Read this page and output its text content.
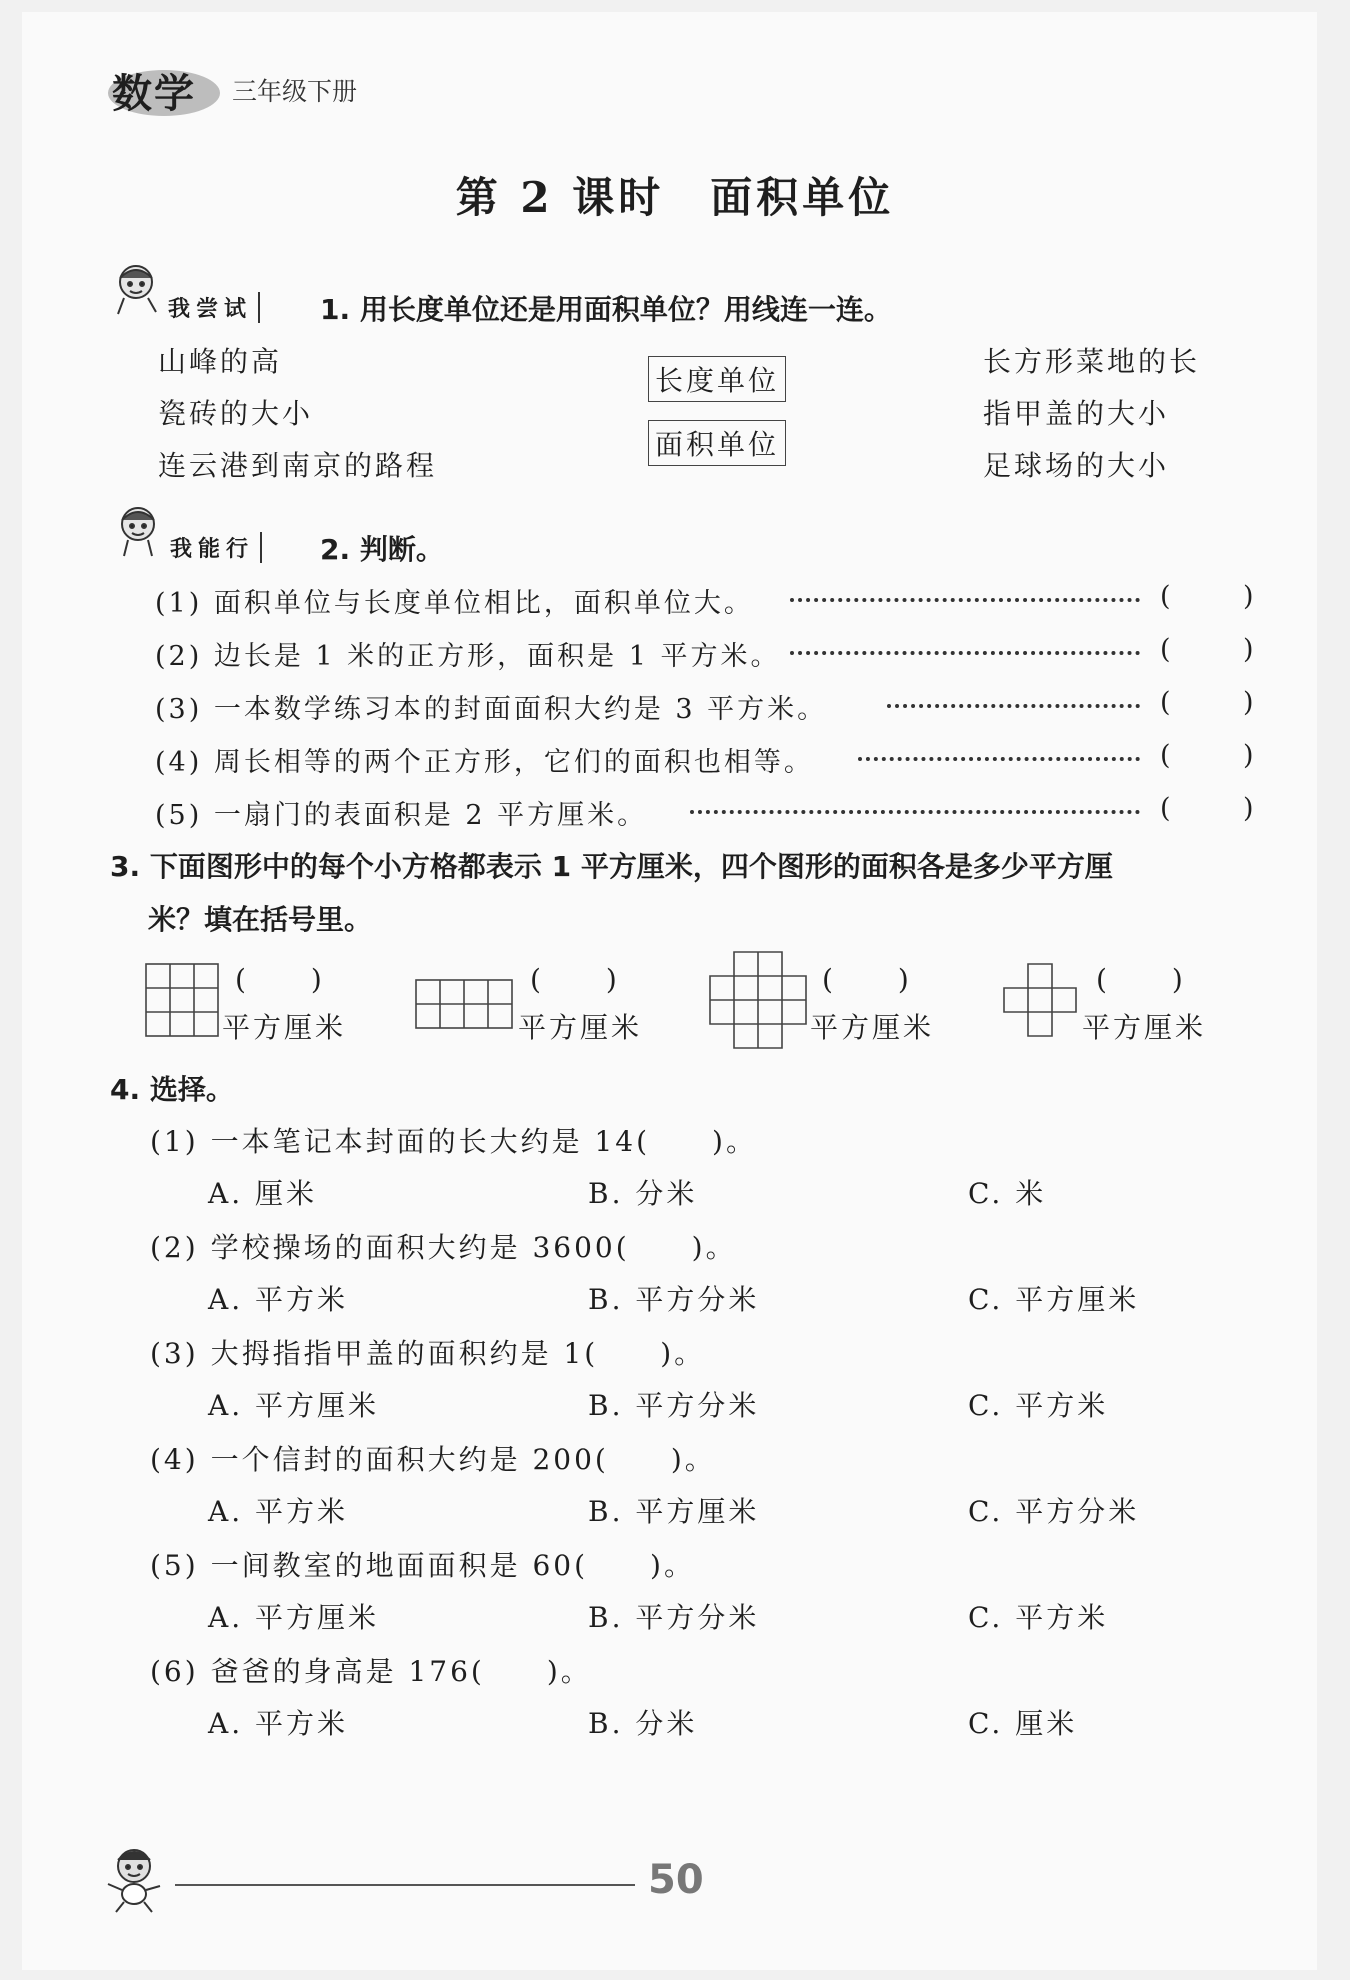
数学 三年级下册
第 2 课时　面积单位
我尝试 1. 用长度单位还是用面积单位？用线连一连。
山峰的高
瓷砖的大小
连云港到南京的路程
长度单位
面积单位
长方形菜地的长
指甲盖的大小
足球场的大小
我能行 2. 判断。
(1) 面积单位与长度单位相比，面积单位大。	(	)
(2) 边长是 1 米的正方形，面积是 1 平方米。	(	)
(3) 一本数学练习本的封面面积大约是 3 平方米。	(	)
(4) 周长相等的两个正方形，它们的面积也相等。	(	)
(5) 一扇门的表面积是 2 平方厘米。	(	)
3. 下面图形中的每个小方格都表示 1 平方厘米，四个图形的面积各是多少平方厘
米？填在括号里。
(　　)
平方厘米
(　　)
平方厘米
(　　)
平方厘米
(　　)
平方厘米
4. 选择。
(1) 一本笔记本封面的长大约是 14(　　)。
A. 厘米	B. 分米	C. 米
(2) 学校操场的面积大约是 3600(　　)。
A. 平方米	B. 平方分米	C. 平方厘米
(3) 大拇指指甲盖的面积约是 1(　　)。
A. 平方厘米	B. 平方分米	C. 平方米
(4) 一个信封的面积大约是 200(　　)。
A. 平方米	B. 平方厘米	C. 平方分米
(5) 一间教室的地面面积是 60(　　)。
A. 平方厘米	B. 平方分米	C. 平方米
(6) 爸爸的身高是 176(　　)。
A. 平方米	B. 分米	C. 厘米
50
